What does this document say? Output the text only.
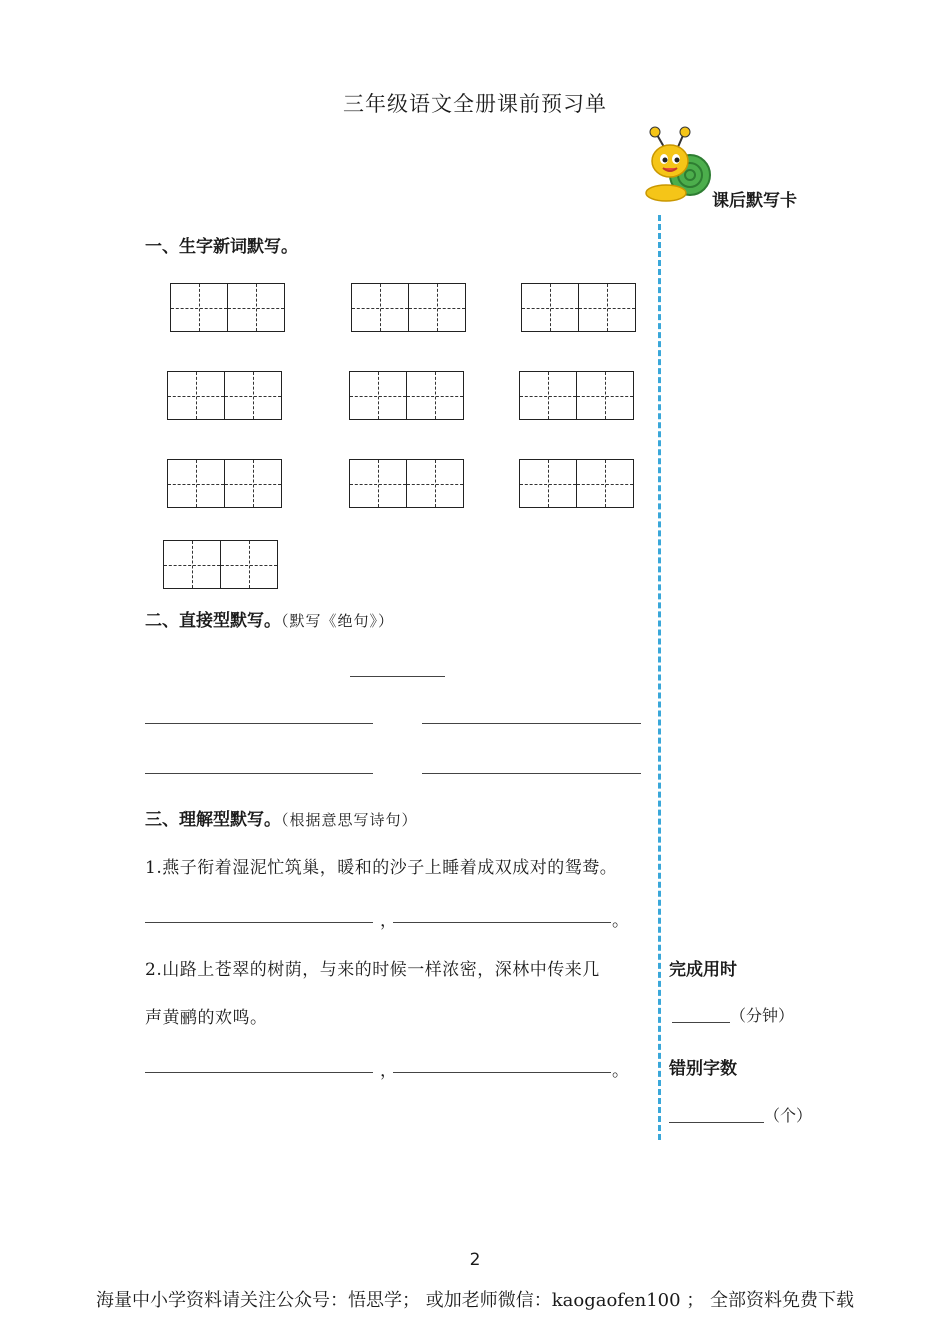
三年级语文全册课前预习单
课后默写卡
一、生字新词默写。
二、直接型默写。（默写《绝句》）
三、理解型默写。（根据意思写诗句）
1.燕子衔着湿泥忙筑巢，暖和的沙子上睡着成双成对的鸳鸯。
，	。
2.山路上苍翠的树荫，与来的时候一样浓密，深林中传来几
声黄鹂的欢鸣。
，	。
完成用时
（分钟）
错别字数
（个）
2
海量中小学资料请关注公众号：悟思学； 或加老师微信：kaogaofen100 ； 全部资料免费下载
